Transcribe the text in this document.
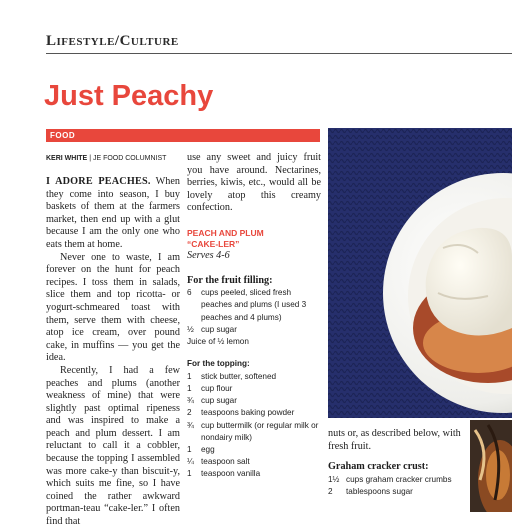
Lifestyle/Culture
Just Peachy
FOOD
KERI WHITE | JE FOOD COLUMNIST

I ADORE PEACHES. When they come into season, I buy baskets of them at the farmers market, then end up with a glut because I am the only one who eats them at home.

Never one to waste, I am forever on the hunt for peach recipes. I toss them in salads, slice them and top ricotta- or yogurt-schmeared toast with them, serve them with cheese, atop ice cream, over pound cake, in muffins — you get the idea.

Recently, I had a few peaches and plums (another weakness of mine) that were slightly past optimal ripeness and was inspired to make a peach and plum dessert. I am reluctant to call it a cobbler, because the topping I assembled was more cake-y than biscuit-y, which suits me fine, so I have coined the rather awkward portman-teau “cake-ler.” I often find that

use any sweet and juicy fruit you have around. Nectarines, berries, kiwis, etc., would all be lovely atop this creamy confection.

PEACH AND PLUM
“CAKE-LER”
Serves 4-6
For the fruit filling:
6	cups peeled, sliced fresh peaches and plums (I used 3 peaches and 4 plums)
½ cup sugar
Juice of ½ lemon
For the topping:
1	stick butter, softened
1	cup flour
¾ cup sugar
2	teaspoons baking powder
¾ cup buttermilk (or regular milk or nondairy milk)
1	egg
¼ teaspoon salt
1	teaspoon vanilla

nuts or, as described below, with fresh fruit.

Graham cracker crust:
1½ cups graham cracker crumbs
2	tablespoons sugar
